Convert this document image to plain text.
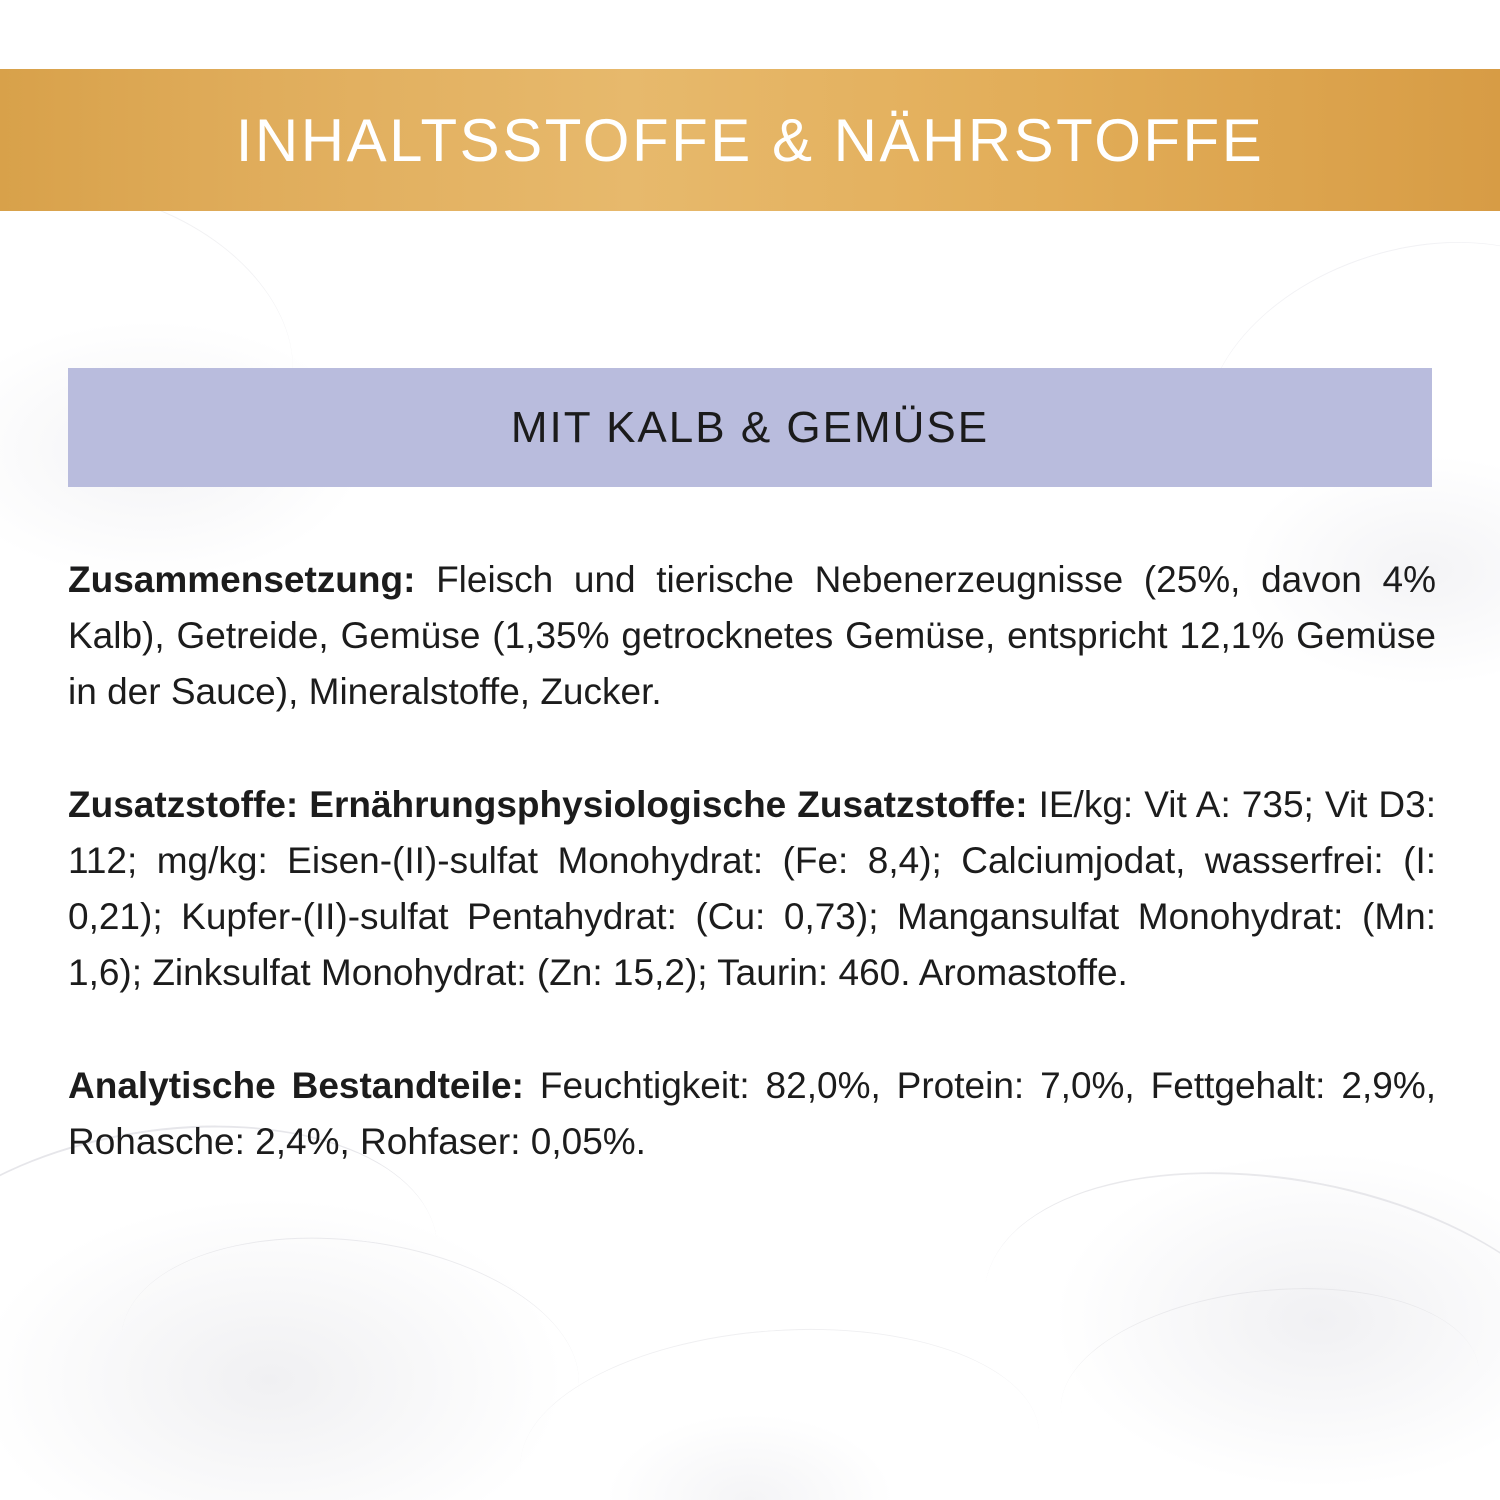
INHALTSSTOFFE & NÄHRSTOFFE
MIT KALB & GEMÜSE

Zusammensetzung: Fleisch und tierische Nebenerzeugnisse (25%, davon 4% Kalb), Getreide, Gemüse (1,35% getrocknetes Gemüse, entspricht 12,1% Gemüse in der Sauce), Mineralstoffe, Zucker.

Zusatzstoffe: Ernährungsphysiologische Zusatzstoffe: IE/kg: Vit A: 735; Vit D3: 112; mg/kg: Eisen-(II)-sulfat Monohydrat: (Fe: 8,4); Calciumjodat, wasserfrei: (I: 0,21); Kupfer-(II)-sulfat Pentahydrat: (Cu: 0,73); Mangansulfat Monohydrat: (Mn: 1,6); Zinksulfat Monohydrat: (Zn: 15,2); Taurin: 460. Aromastoffe.

Analytische Bestandteile: Feuchtigkeit: 82,0%, Protein: 7,0%, Fettgehalt: 2,9%, Rohasche: 2,4%, Rohfaser: 0,05%.
